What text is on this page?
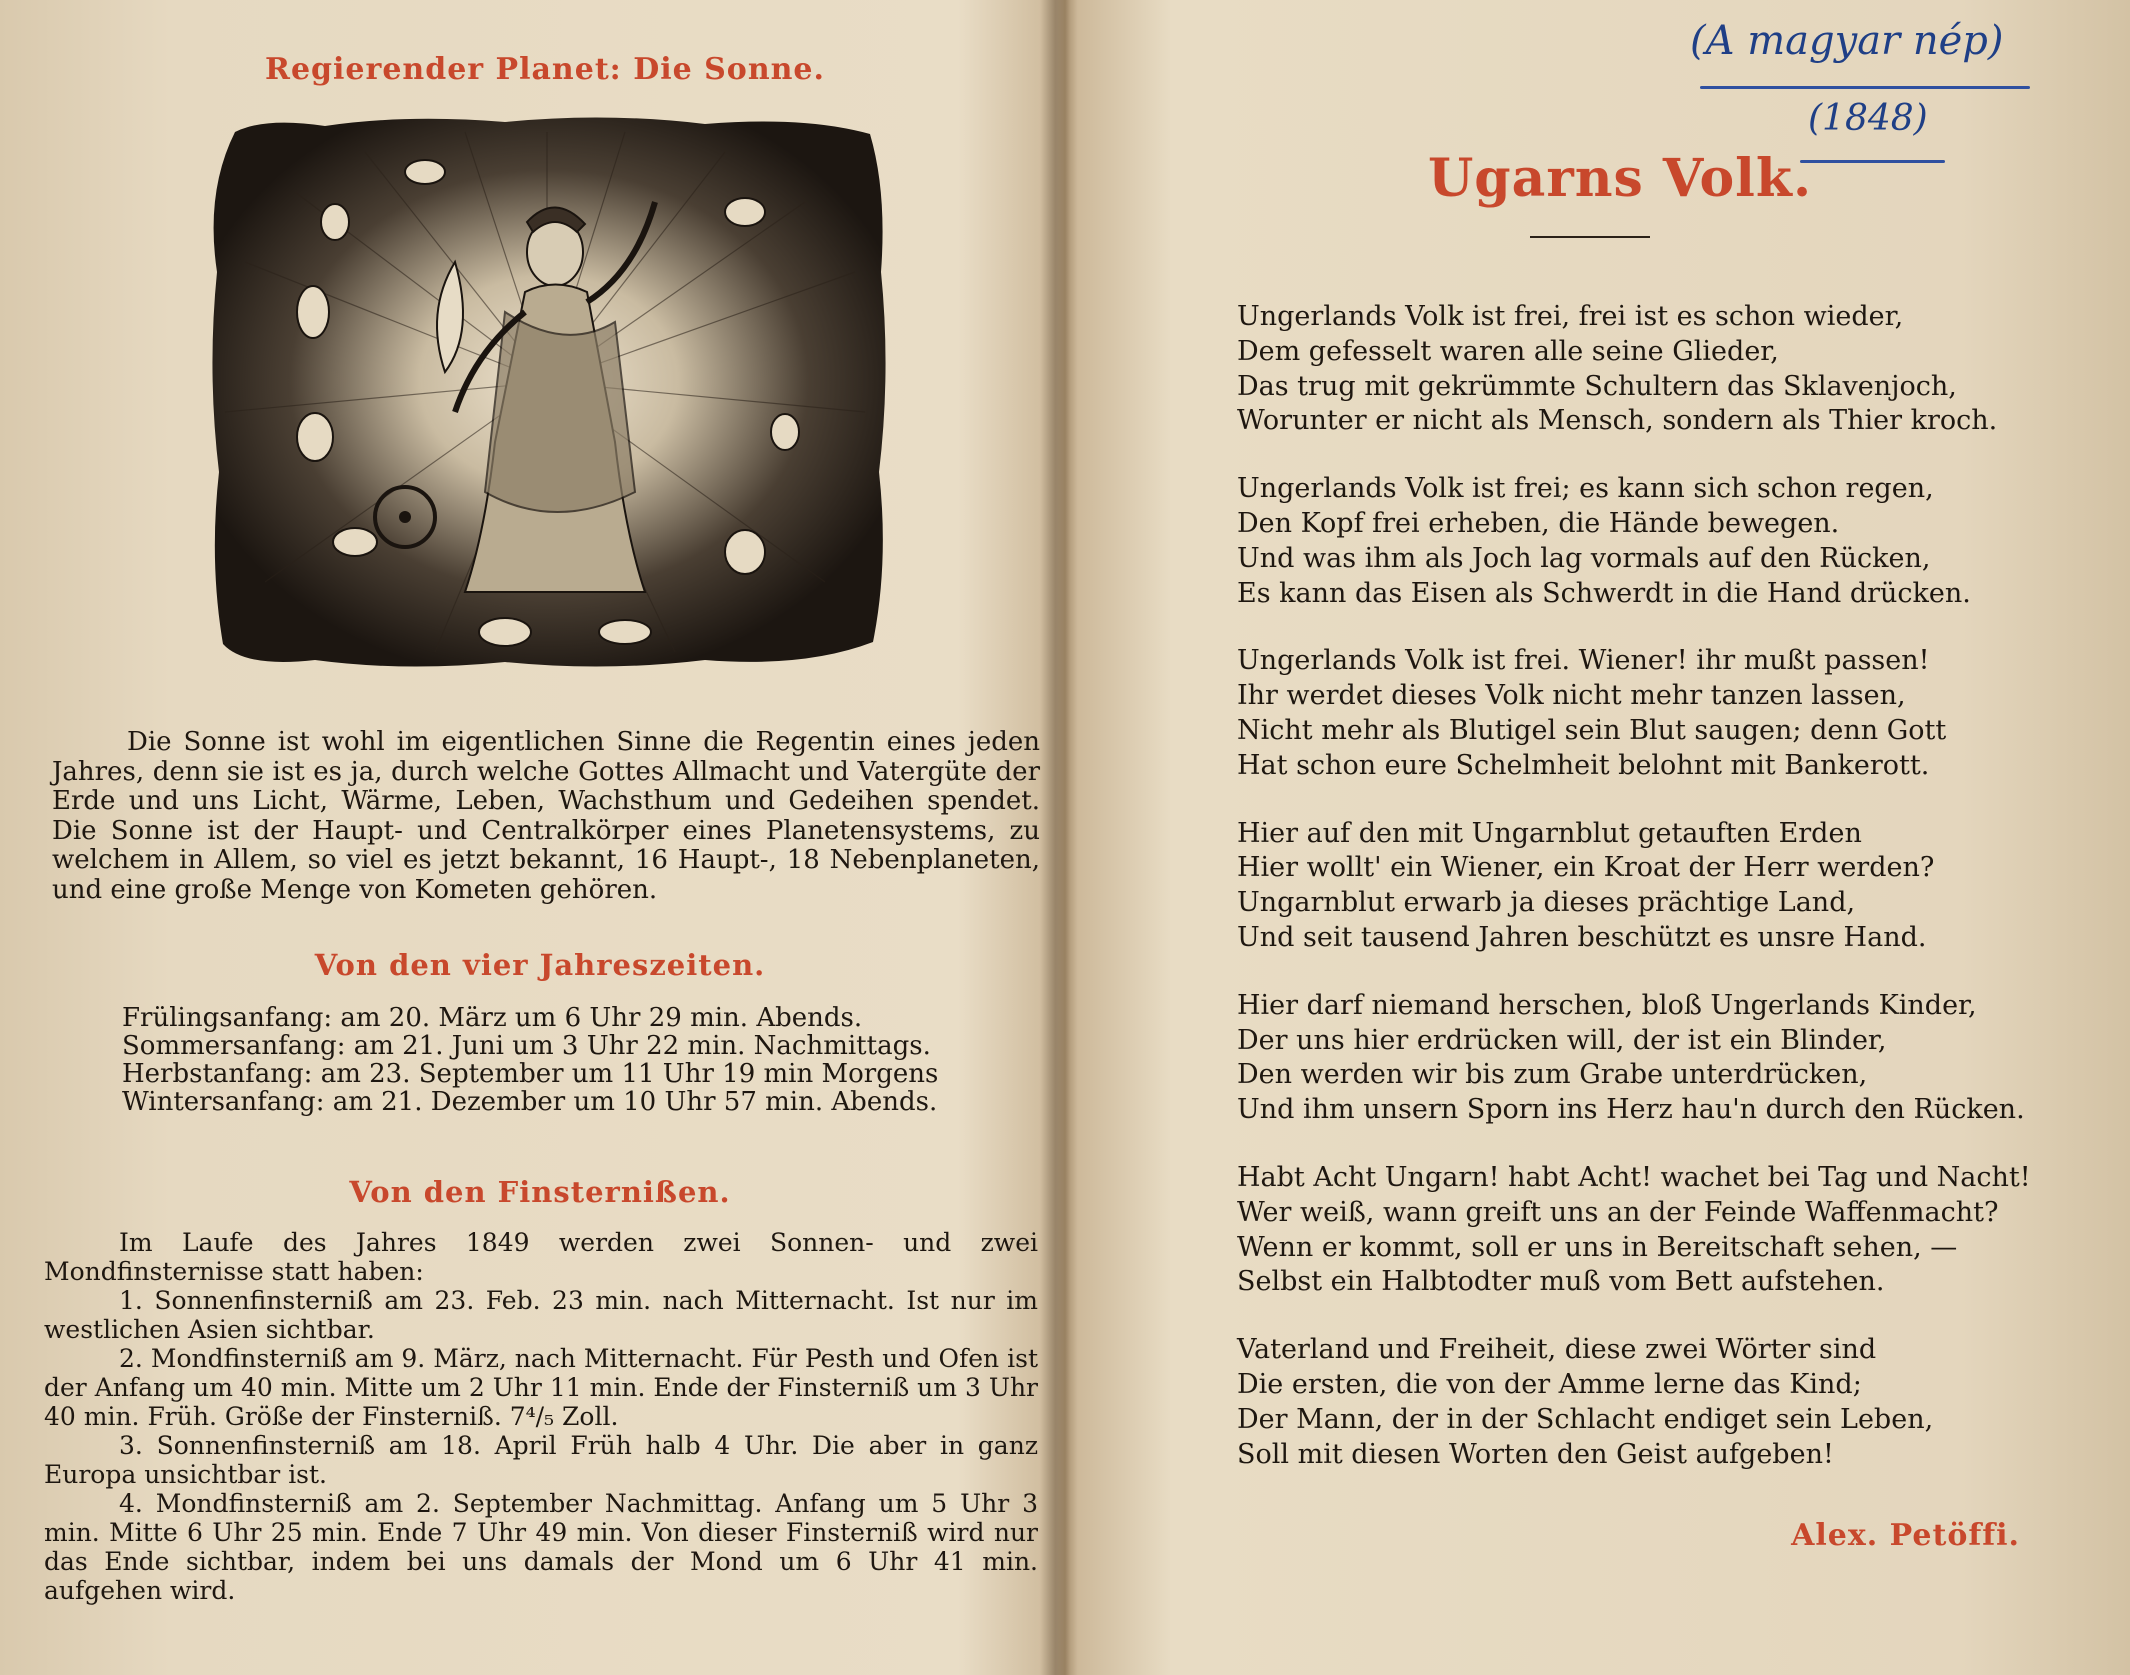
Regierender Planet: Die Sonne.

Die Sonne ist wohl im eigentlichen Sinne die Regentin eines jeden Jahres, denn sie ist es ja, durch welche Gottes Allmacht und Vatergüte der Erde und uns Licht, Wärme, Leben, Wachsthum und Gedeihen spendet. Die Sonne ist der Haupt- und Centralkörper eines Planetensystems, zu welchem in Allem, so viel es jetzt bekannt, 16 Haupt-, 18 Nebenplaneten, und eine große Menge von Kometen gehören.

Von den vier Jahreszeiten.

Frülingsanfang: am 20. März um 6 Uhr 29 min. Abends.

Sommersanfang: am 21. Juni um 3 Uhr 22 min. Nachmittags.

Herbstanfang: am 23. September um 11 Uhr 19 min Morgens

Wintersanfang: am 21. Dezember um 10 Uhr 57 min. Abends.

Von den Finsternißen.

Im Laufe des Jahres 1849 werden zwei Sonnen- und zwei Mondfinsternisse statt haben:

1. Sonnenfinsterniß am 23. Feb. 23 min. nach Mitternacht. Ist nur im westlichen Asien sichtbar.

2. Mondfinsterniß am 9. März, nach Mitternacht. Für Pesth und Ofen ist der Anfang um 40 min. Mitte um 2 Uhr 11 min. Ende der Finsterniß um 3 Uhr 40 min. Früh. Größe der Finsterniß. 7⁴/₅ Zoll.

3. Sonnenfinsterniß am 18. April Früh halb 4 Uhr. Die aber in ganz Europa unsichtbar ist.

4. Mondfinsterniß am 2. September Nachmittag. Anfang um 5 Uhr 3 min. Mitte 6 Uhr 25 min. Ende 7 Uhr 49 min. Von dieser Finsterniß wird nur das Ende sichtbar, indem bei uns damals der Mond um 6 Uhr 41 min. aufgehen wird.

(A magyar nép)
(1848)
Ugarns Volk.

Ungerlands Volk ist frei, frei ist es schon wieder,

Dem gefesselt waren alle seine Glieder,

Das trug mit gekrümmte Schultern das Sklavenjoch,

Worunter er nicht als Mensch, sondern als Thier kroch.

Ungerlands Volk ist frei; es kann sich schon regen,

Den Kopf frei erheben, die Hände bewegen.

Und was ihm als Joch lag vormals auf den Rücken,

Es kann das Eisen als Schwerdt in die Hand drücken.

Ungerlands Volk ist frei. Wiener! ihr mußt passen!

Ihr werdet dieses Volk nicht mehr tanzen lassen,

Nicht mehr als Blutigel sein Blut saugen; denn Gott

Hat schon eure Schelmheit belohnt mit Bankerott.

Hier auf den mit Ungarnblut getauften Erden

Hier wollt' ein Wiener, ein Kroat der Herr werden?

Ungarnblut erwarb ja dieses prächtige Land,

Und seit tausend Jahren beschützt es unsre Hand.

Hier darf niemand herschen, bloß Ungerlands Kinder,

Der uns hier erdrücken will, der ist ein Blinder,

Den werden wir bis zum Grabe unterdrücken,

Und ihm unsern Sporn ins Herz hau'n durch den Rücken.

Habt Acht Ungarn! habt Acht! wachet bei Tag und Nacht!

Wer weiß, wann greift uns an der Feinde Waffenmacht?

Wenn er kommt, soll er uns in Bereitschaft sehen, —

Selbst ein Halbtodter muß vom Bett aufstehen.

Vaterland und Freiheit, diese zwei Wörter sind

Die ersten, die von der Amme lerne das Kind;

Der Mann, der in der Schlacht endiget sein Leben,

Soll mit diesen Worten den Geist aufgeben!

Alex. Petöffi.
